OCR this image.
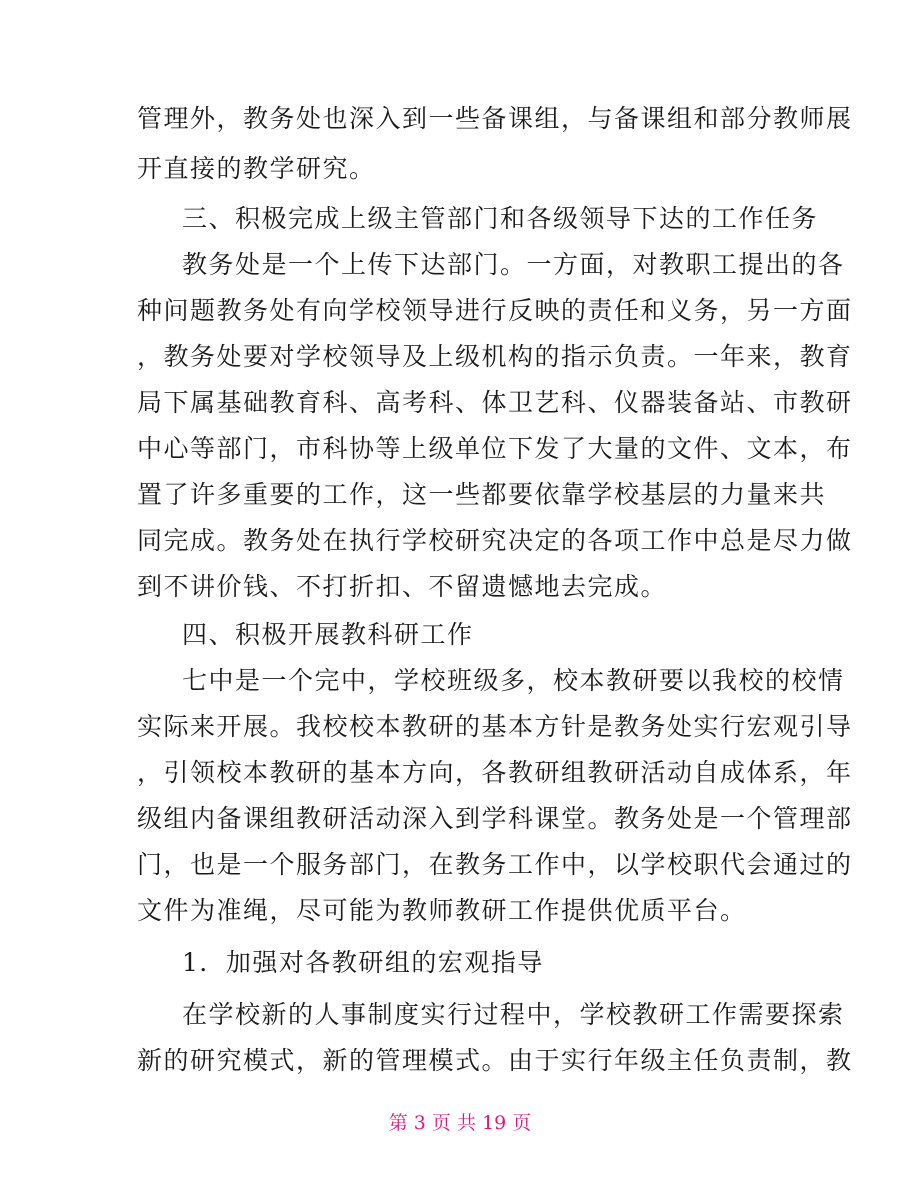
管理外，教务处也深入到一些备课组，与备课组和部分教师展
开直接的教学研究。
三、积极完成上级主管部门和各级领导下达的工作任务
教务处是一个上传下达部门。一方面，对教职工提出的各
种问题教务处有向学校领导进行反映的责任和义务，另一方面
，教务处要对学校领导及上级机构的指示负责。一年来，教育
局下属基础教育科、高考科、体卫艺科、仪器装备站、市教研
中心等部门，市科协等上级单位下发了大量的文件、文本，布
置了许多重要的工作，这一些都要依靠学校基层的力量来共
同完成。教务处在执行学校研究决定的各项工作中总是尽力做
到不讲价钱、不打折扣、不留遗憾地去完成。
四、积极开展教科研工作
七中是一个完中，学校班级多，校本教研要以我校的校情
实际来开展。我校校本教研的基本方针是教务处实行宏观引导
，引领校本教研的基本方向，各教研组教研活动自成体系，年
级组内备课组教研活动深入到学科课堂。教务处是一个管理部
门，也是一个服务部门，在教务工作中，以学校职代会通过的
文件为准绳，尽可能为教师教研工作提供优质平台。
1．加强对各教研组的宏观指导
在学校新的人事制度实行过程中，学校教研工作需要探索
新的研究模式，新的管理模式。由于实行年级主任负责制，教
第 3 页 共 19 页
